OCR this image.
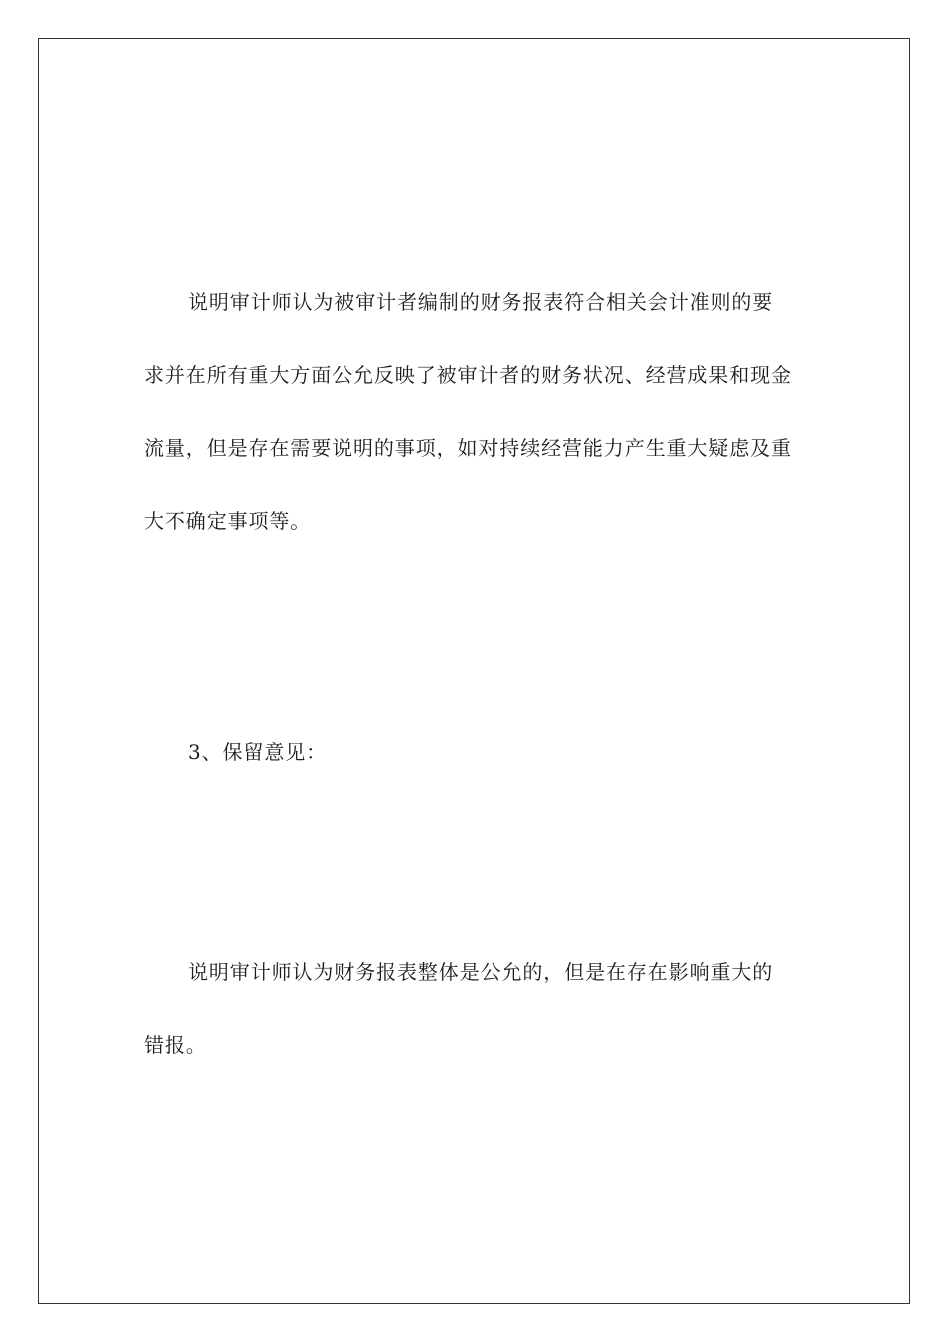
说明审计师认为被审计者编制的财务报表符合相关会计准则的要求并在所有重大方面公允反映了被审计者的财务状况、经营成果和现金流量，但是存在需要说明的事项，如对持续经营能力产生重大疑虑及重大不确定事项等。

3、保留意见：

说明审计师认为财务报表整体是公允的，但是在存在影响重大的错报。
